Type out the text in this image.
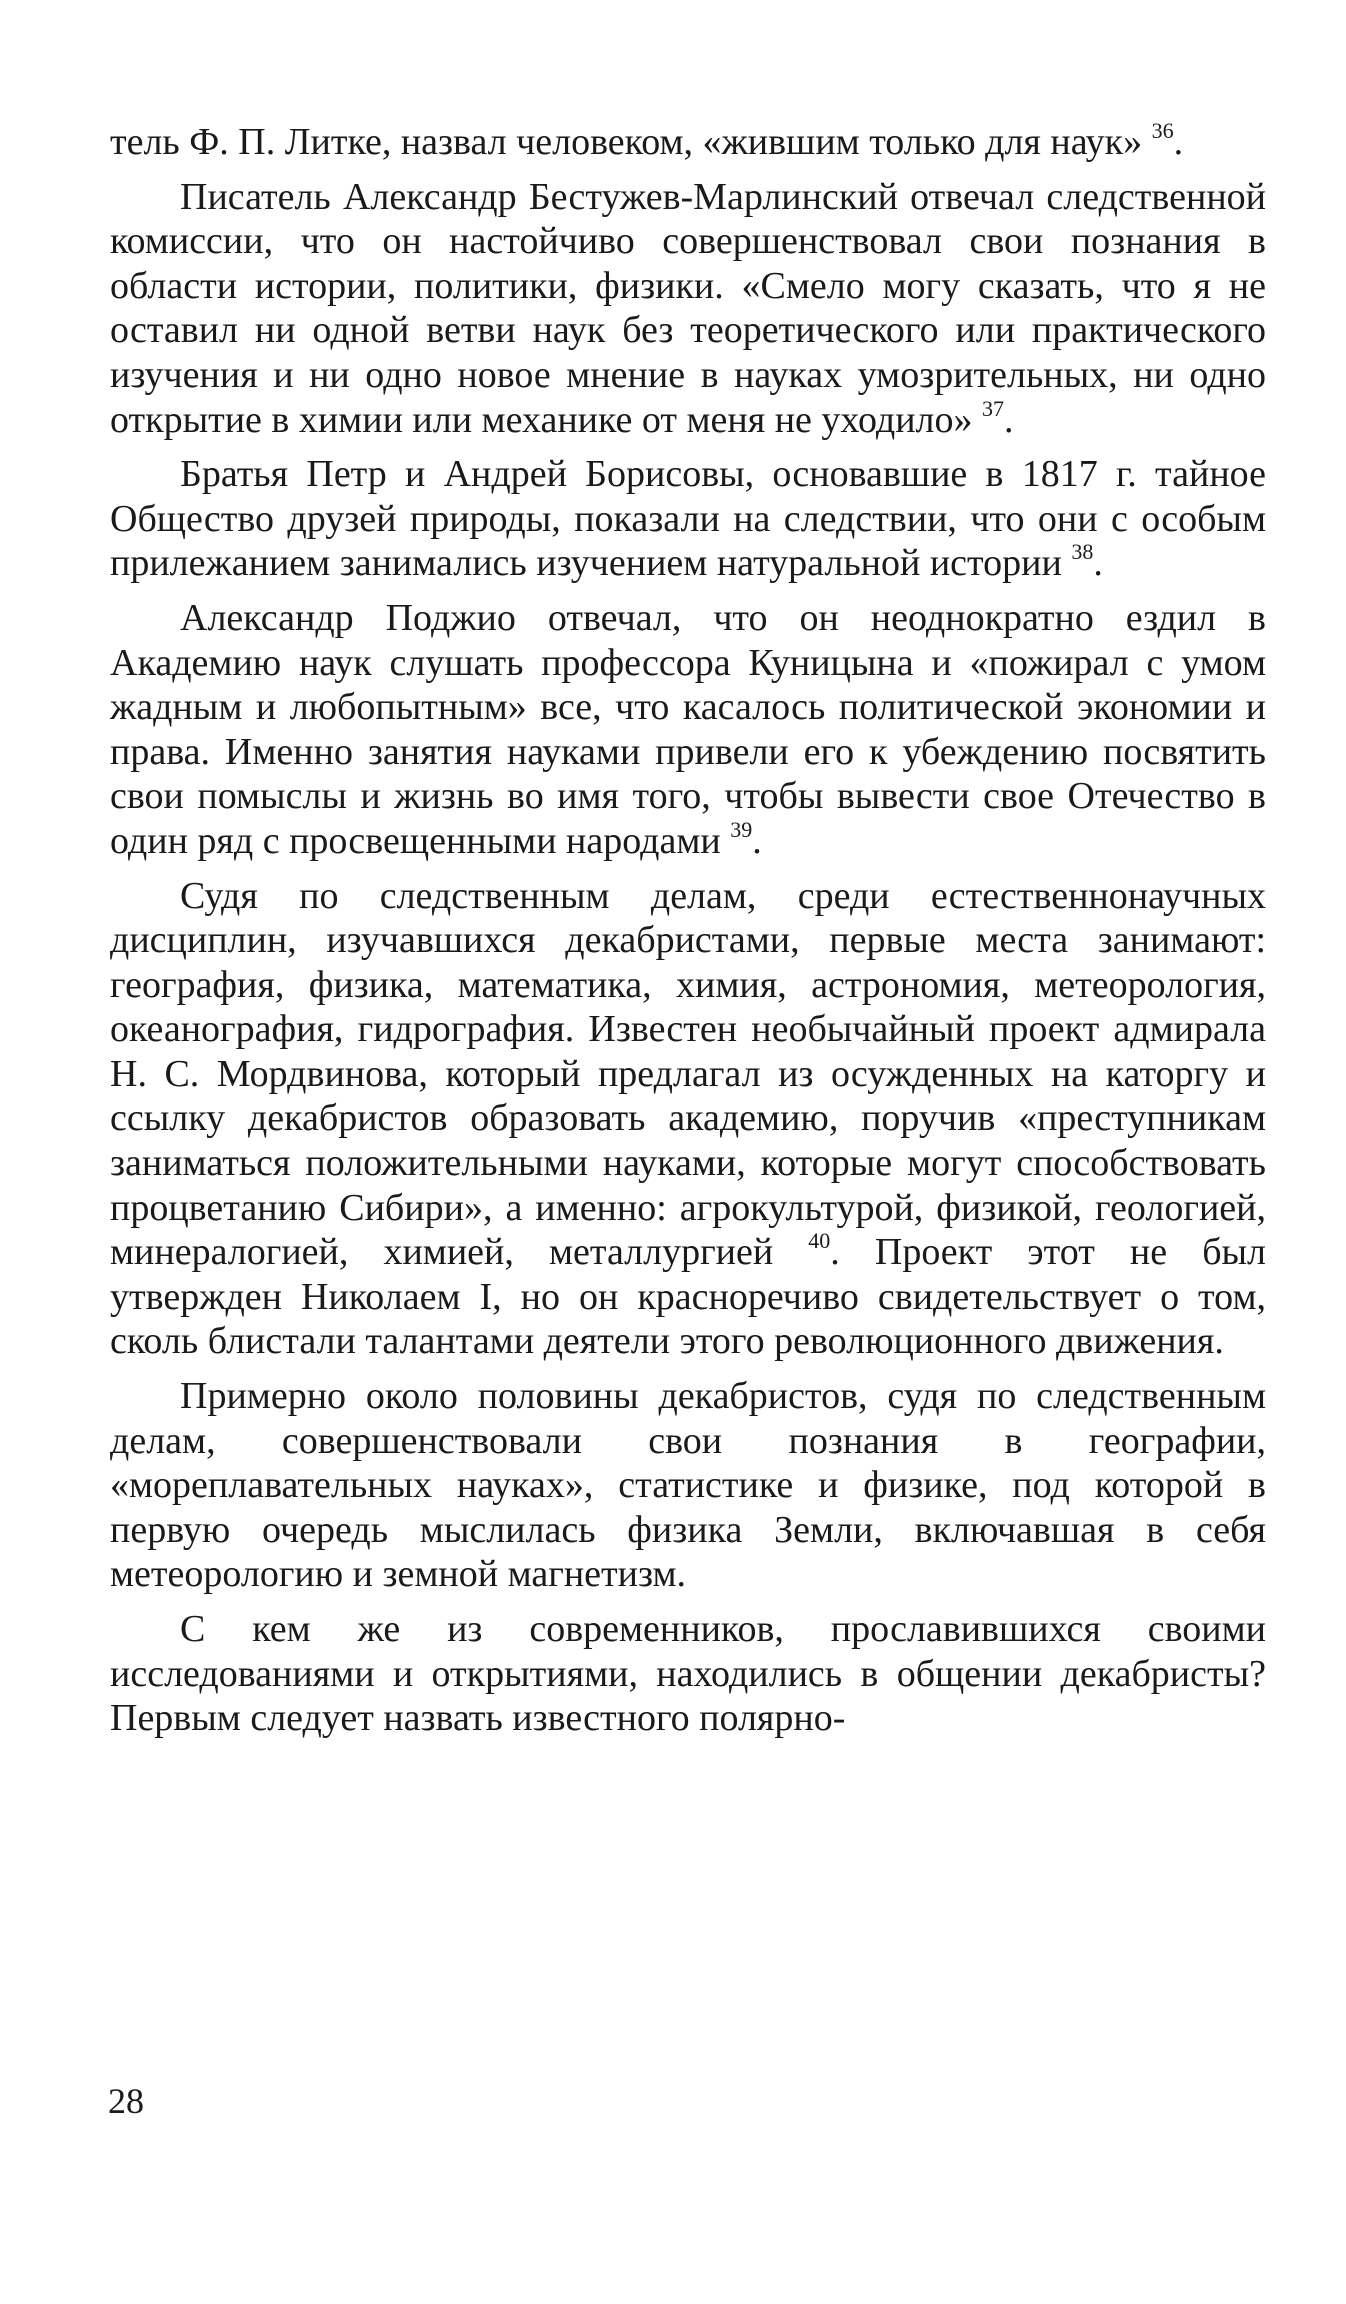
тель Ф. П. Литке, назвал человеком, «жившим только для наук» $^{36}$.

Писатель Александр Бестужев-Марлинский отвечал следственной комиссии, что он настойчиво совершенствовал свои познания в области истории, политики, физики. «Смело могу сказать, что я не оставил ни одной ветви наук без теоретического или практического изучения и ни одно новое мнение в науках умозрительных, ни одно открытие в химии или механике от меня не уходило» $^{37}$.

Братья Петр и Андрей Борисовы, основавшие в 1817 г. тайное Общество друзей природы, показали на следствии, что они с особым прилежанием занимались изучением натуральной истории $^{38}$.

Александр Поджио отвечал, что он неоднократно ездил в Академию наук слушать профессора Куницына и «пожирал с умом жадным и любопытным» все, что касалось политической экономии и права. Именно занятия науками привели его к убеждению посвятить свои помыслы и жизнь во имя того, чтобы вывести свое Отечество в один ряд с просвещенными народами $^{39}$.

Судя по следственным делам, среди естественнонаучных дисциплин, изучавшихся декабристами, первые места занимают: география, физика, математика, химия, астрономия, метеорология, океанография, гидрография. Известен необычайный проект адмирала Н. С. Мордвинова, который предлагал из осужденных на каторгу и ссылку декабристов образовать академию, поручив «преступникам заниматься положительными науками, которые могут способствовать процветанию Сибири», а именно: агрокультурой, физикой, геологией, минералогией, химией, металлургией $^{40}$. Проект этот не был утвержден Николаем I, но он красноречиво свидетельствует о том, сколь блистали талантами деятели этого революционного движения.

Примерно около половины декабристов, судя по следственным делам, совершенствовали свои познания в географии, «мореплавательных науках», статистике и физике, под которой в первую очередь мыслилась физика Земли, включавшая в себя метеорологию и земной магнетизм.

С кем же из современников, прославившихся своими исследованиями и открытиями, находились в общении декабристы? Первым следует назвать известного полярно-

28
